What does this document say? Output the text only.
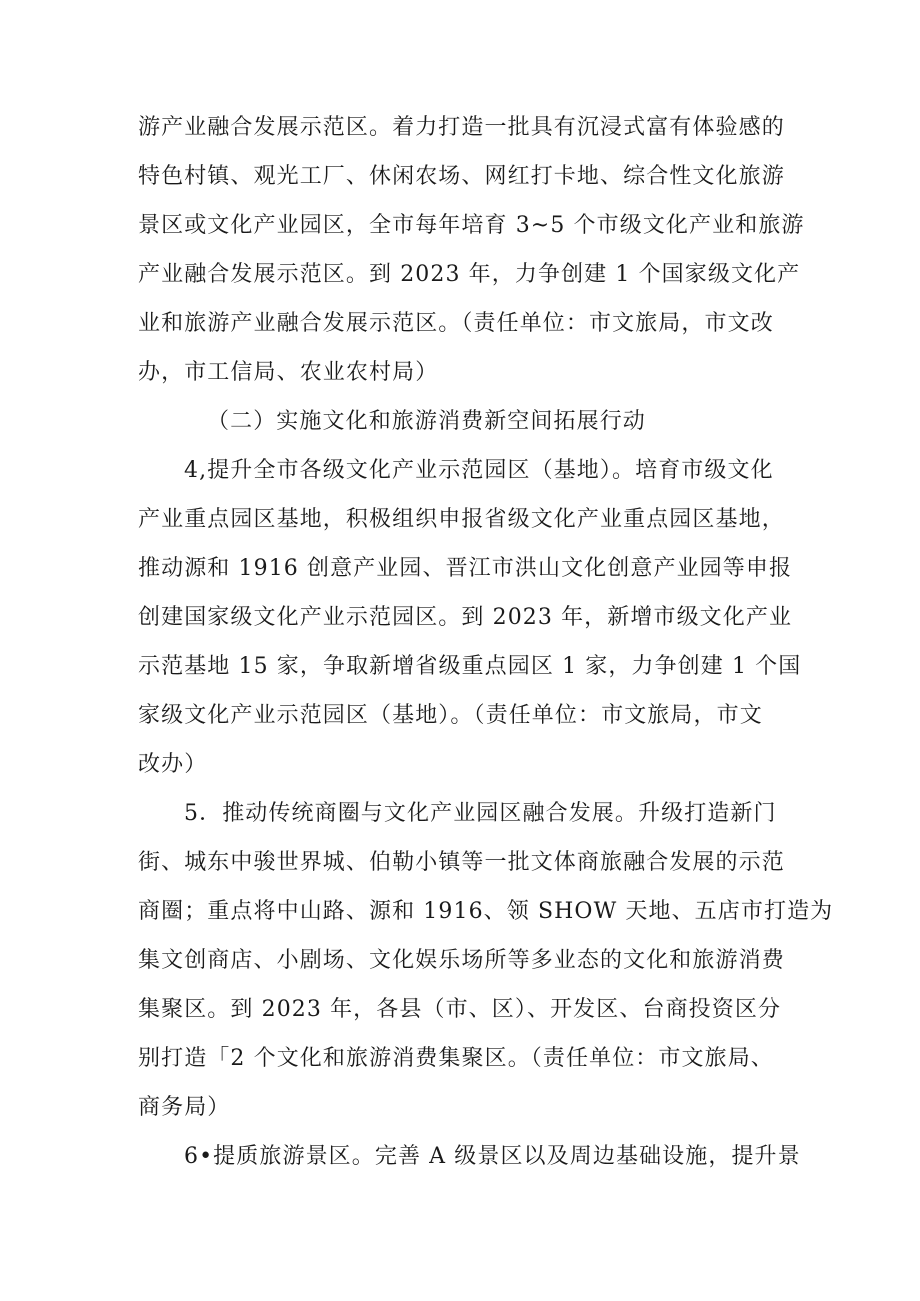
游产业融合发展示范区。着力打造一批具有沉浸式富有体验感的
特色村镇、观光工厂、休闲农场、网红打卡地、综合性文化旅游
景区或文化产业园区，全市每年培育 3~5 个市级文化产业和旅游
产业融合发展示范区。到 2023 年，力争创建 1 个国家级文化产
业和旅游产业融合发展示范区。（责任单位：市文旅局，市文改
办，市工信局、农业农村局）
（二）实施文化和旅游消费新空间拓展行动
4,提升全市各级文化产业示范园区（基地）。培育市级文化
产业重点园区基地，积极组织申报省级文化产业重点园区基地，
推动源和 1916 创意产业园、晋江市洪山文化创意产业园等申报
创建国家级文化产业示范园区。到 2023 年，新增市级文化产业
示范基地 15 家，争取新增省级重点园区 1 家，力争创建 1 个国
家级文化产业示范园区（基地）。（责任单位：市文旅局，市文
改办）
5．推动传统商圈与文化产业园区融合发展。升级打造新门
街、城东中骏世界城、伯勒小镇等一批文体商旅融合发展的示范
商圈；重点将中山路、源和 1916、领 SHOW 天地、五店市打造为
集文创商店、小剧场、文化娱乐场所等多业态的文化和旅游消费
集聚区。到 2023 年，各县（市、区）、开发区、台商投资区分
别打造「2 个文化和旅游消费集聚区。（责任单位：市文旅局、
商务局）
6•提质旅游景区。完善 A 级景区以及周边基础设施，提升景
